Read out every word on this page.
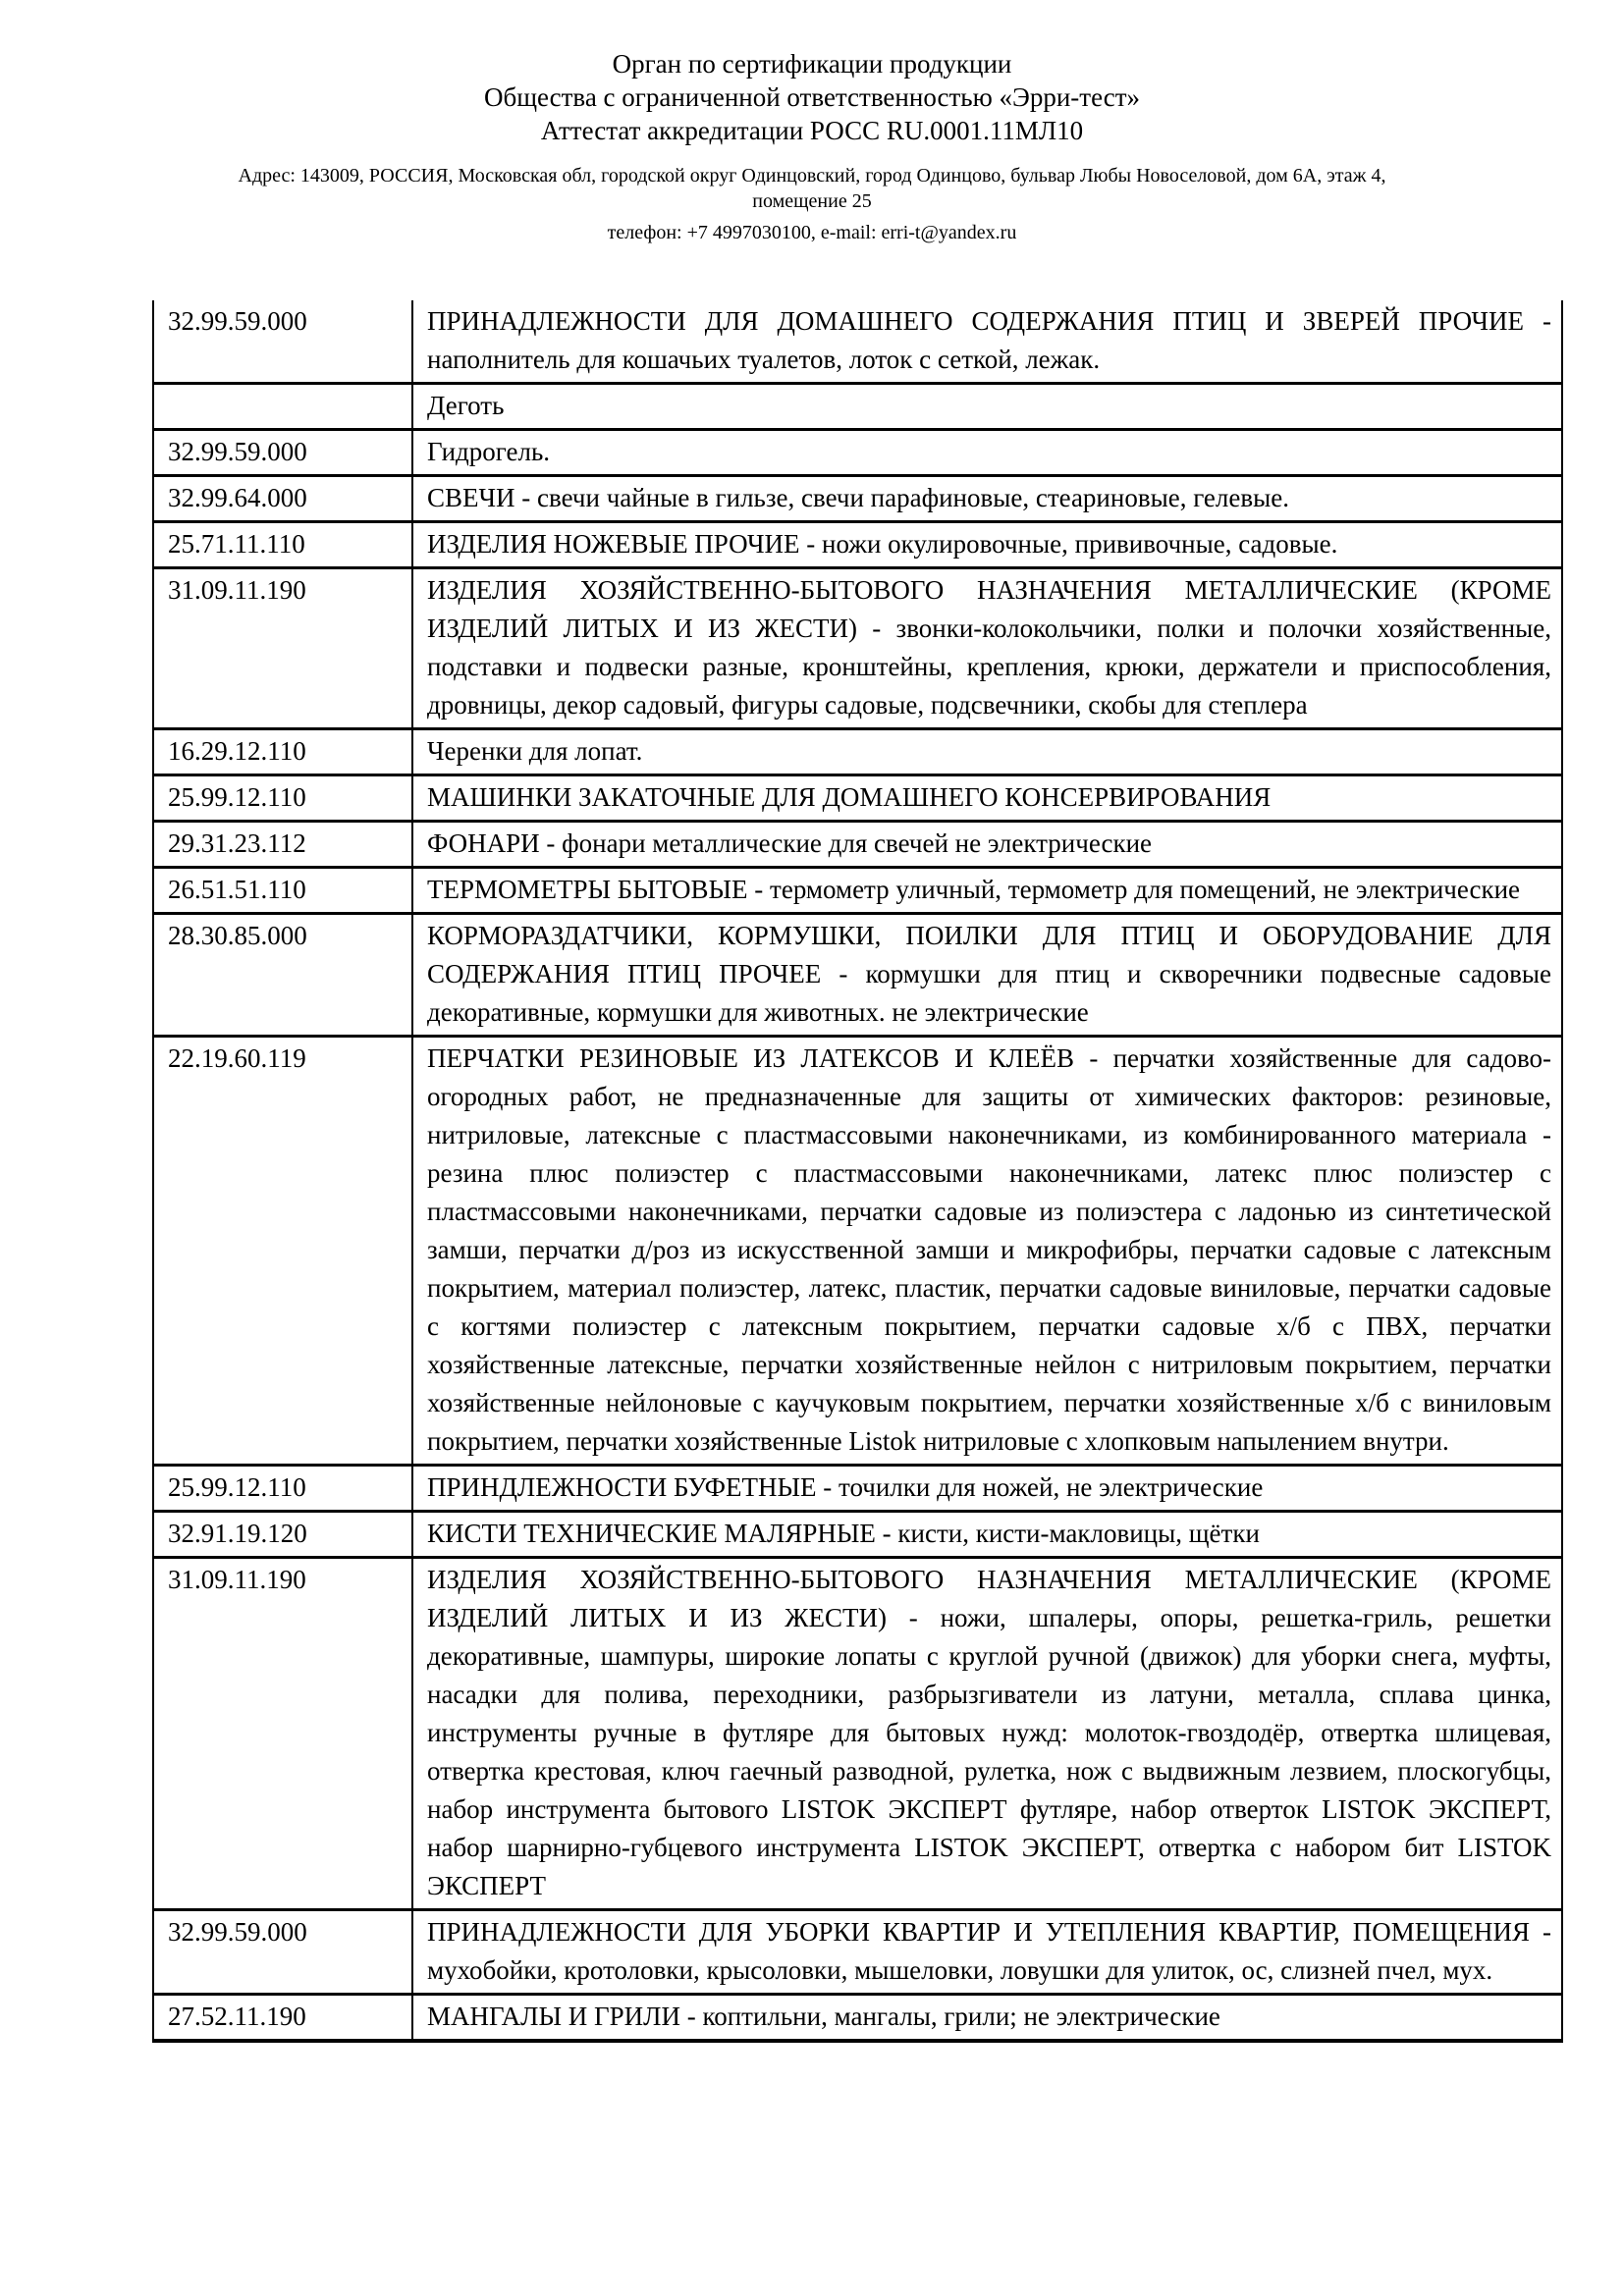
Орган по сертификации продукции

Общества с ограниченной ответственностью «Эрри-тест»

Аттестат аккредитации РОСС RU.0001.11МЛ10

Адрес: 143009, РОССИЯ, Московская обл, городской округ Одинцовский, город Одинцово, бульвар Любы Новоселовой, дом 6А, этаж 4,

помещение 25

телефон: +7 4997030100, e-mail: erri-t@yandex.ru

32.99.59.000	ПРИНАДЛЕЖНОСТИ ДЛЯ ДОМАШНЕГО СОДЕРЖАНИЯ ПТИЦ И ЗВЕРЕЙ ПРОЧИЕ - наполнитель для кошачьих туалетов, лоток с сеткой, лежак.
	Деготь
32.99.59.000	Гидрогель.
32.99.64.000	СВЕЧИ - свечи чайные в гильзе, свечи парафиновые, стеариновые, гелевые.
25.71.11.110	ИЗДЕЛИЯ НОЖЕВЫЕ ПРОЧИЕ - ножи окулировочные, прививочные, садовые.
31.09.11.190	ИЗДЕЛИЯ ХОЗЯЙСТВЕННО-БЫТОВОГО НАЗНАЧЕНИЯ МЕТАЛЛИЧЕСКИЕ (КРОМЕ ИЗДЕЛИЙ ЛИТЫХ И ИЗ ЖЕСТИ) - звонки-колокольчики, полки и полочки хозяйственные, подставки и подвески разные, кронштейны, крепления, крюки, держатели и приспособления, дровницы, декор садовый, фигуры садовые, подсвечники, скобы для степлера
16.29.12.110	Черенки для лопат.
25.99.12.110	МАШИНКИ ЗАКАТОЧНЫЕ ДЛЯ ДОМАШНЕГО КОНСЕРВИРОВАНИЯ
29.31.23.112	ФОНАРИ - фонари металлические для свечей не электрические
26.51.51.110	ТЕРМОМЕТРЫ БЫТОВЫЕ - термометр уличный, термометр для помещений, не электрические
28.30.85.000	КОРМОРАЗДАТЧИКИ, КОРМУШКИ, ПОИЛКИ ДЛЯ ПТИЦ И ОБОРУДОВАНИЕ ДЛЯ СОДЕРЖАНИЯ ПТИЦ ПРОЧЕЕ - кормушки для птиц и скворечники подвесные садовые декоративные, кормушки для животных. не электрические
22.19.60.119	ПЕРЧАТКИ РЕЗИНОВЫЕ ИЗ ЛАТЕКСОВ И КЛЕЁВ - перчатки хозяйственные для садово-огородных работ, не предназначенные для защиты от химических факторов: резиновые, нитриловые, латексные с пластмассовыми наконечниками, из комбинированного материала - резина плюс полиэстер с пластмассовыми наконечниками, латекс плюс полиэстер с пластмассовыми наконечниками, перчатки садовые из полиэстера с ладонью из синтетической замши, перчатки д/роз из искусственной замши и микрофибры, перчатки садовые с латексным покрытием, материал полиэстер, латекс, пластик, перчатки садовые виниловые, перчатки садовые с когтями полиэстер с латексным покрытием, перчатки садовые х/б с ПВХ, перчатки хозяйственные латексные, перчатки хозяйственные нейлон с нитриловым покрытием, перчатки хозяйственные нейлоновые с каучуковым покрытием, перчатки хозяйственные х/б с виниловым покрытием, перчатки хозяйственные Listok нитриловые с хлопковым напылением внутри.
25.99.12.110	ПРИНДЛЕЖНОСТИ БУФЕТНЫЕ - точилки для ножей, не электрические
32.91.19.120	КИСТИ ТЕХНИЧЕСКИЕ МАЛЯРНЫЕ - кисти, кисти-макловицы, щётки
31.09.11.190	ИЗДЕЛИЯ ХОЗЯЙСТВЕННО-БЫТОВОГО НАЗНАЧЕНИЯ МЕТАЛЛИЧЕСКИЕ (КРОМЕ ИЗДЕЛИЙ ЛИТЫХ И ИЗ ЖЕСТИ) - ножи, шпалеры, опоры, решетка-гриль, решетки декоративные, шампуры, широкие лопаты с круглой ручной (движок) для уборки снега, муфты, насадки для полива, переходники, разбрызгиватели из латуни, металла, сплава цинка, инструменты ручные в футляре для бытовых нужд: молоток-гвоздодёр, отвертка шлицевая, отвертка крестовая, ключ гаечный разводной, рулетка, нож с выдвижным лезвием, плоскогубцы, набор инструмента бытового LISTOK ЭКСПЕРТ футляре, набор отверток LISTOK ЭКСПЕРТ, набор шарнирно-губцевого инструмента LISTOK ЭКСПЕРТ, отвертка с набором бит LISTOK ЭКСПЕРТ
32.99.59.000	ПРИНАДЛЕЖНОСТИ ДЛЯ УБОРКИ КВАРТИР И УТЕПЛЕНИЯ КВАРТИР, ПОМЕЩЕНИЯ - мухобойки, кротоловки, крысоловки, мышеловки, ловушки для улиток, ос, слизней пчел, мух.
27.52.11.190	МАНГАЛЫ И ГРИЛИ - коптильни, мангалы, грили; не электрические
